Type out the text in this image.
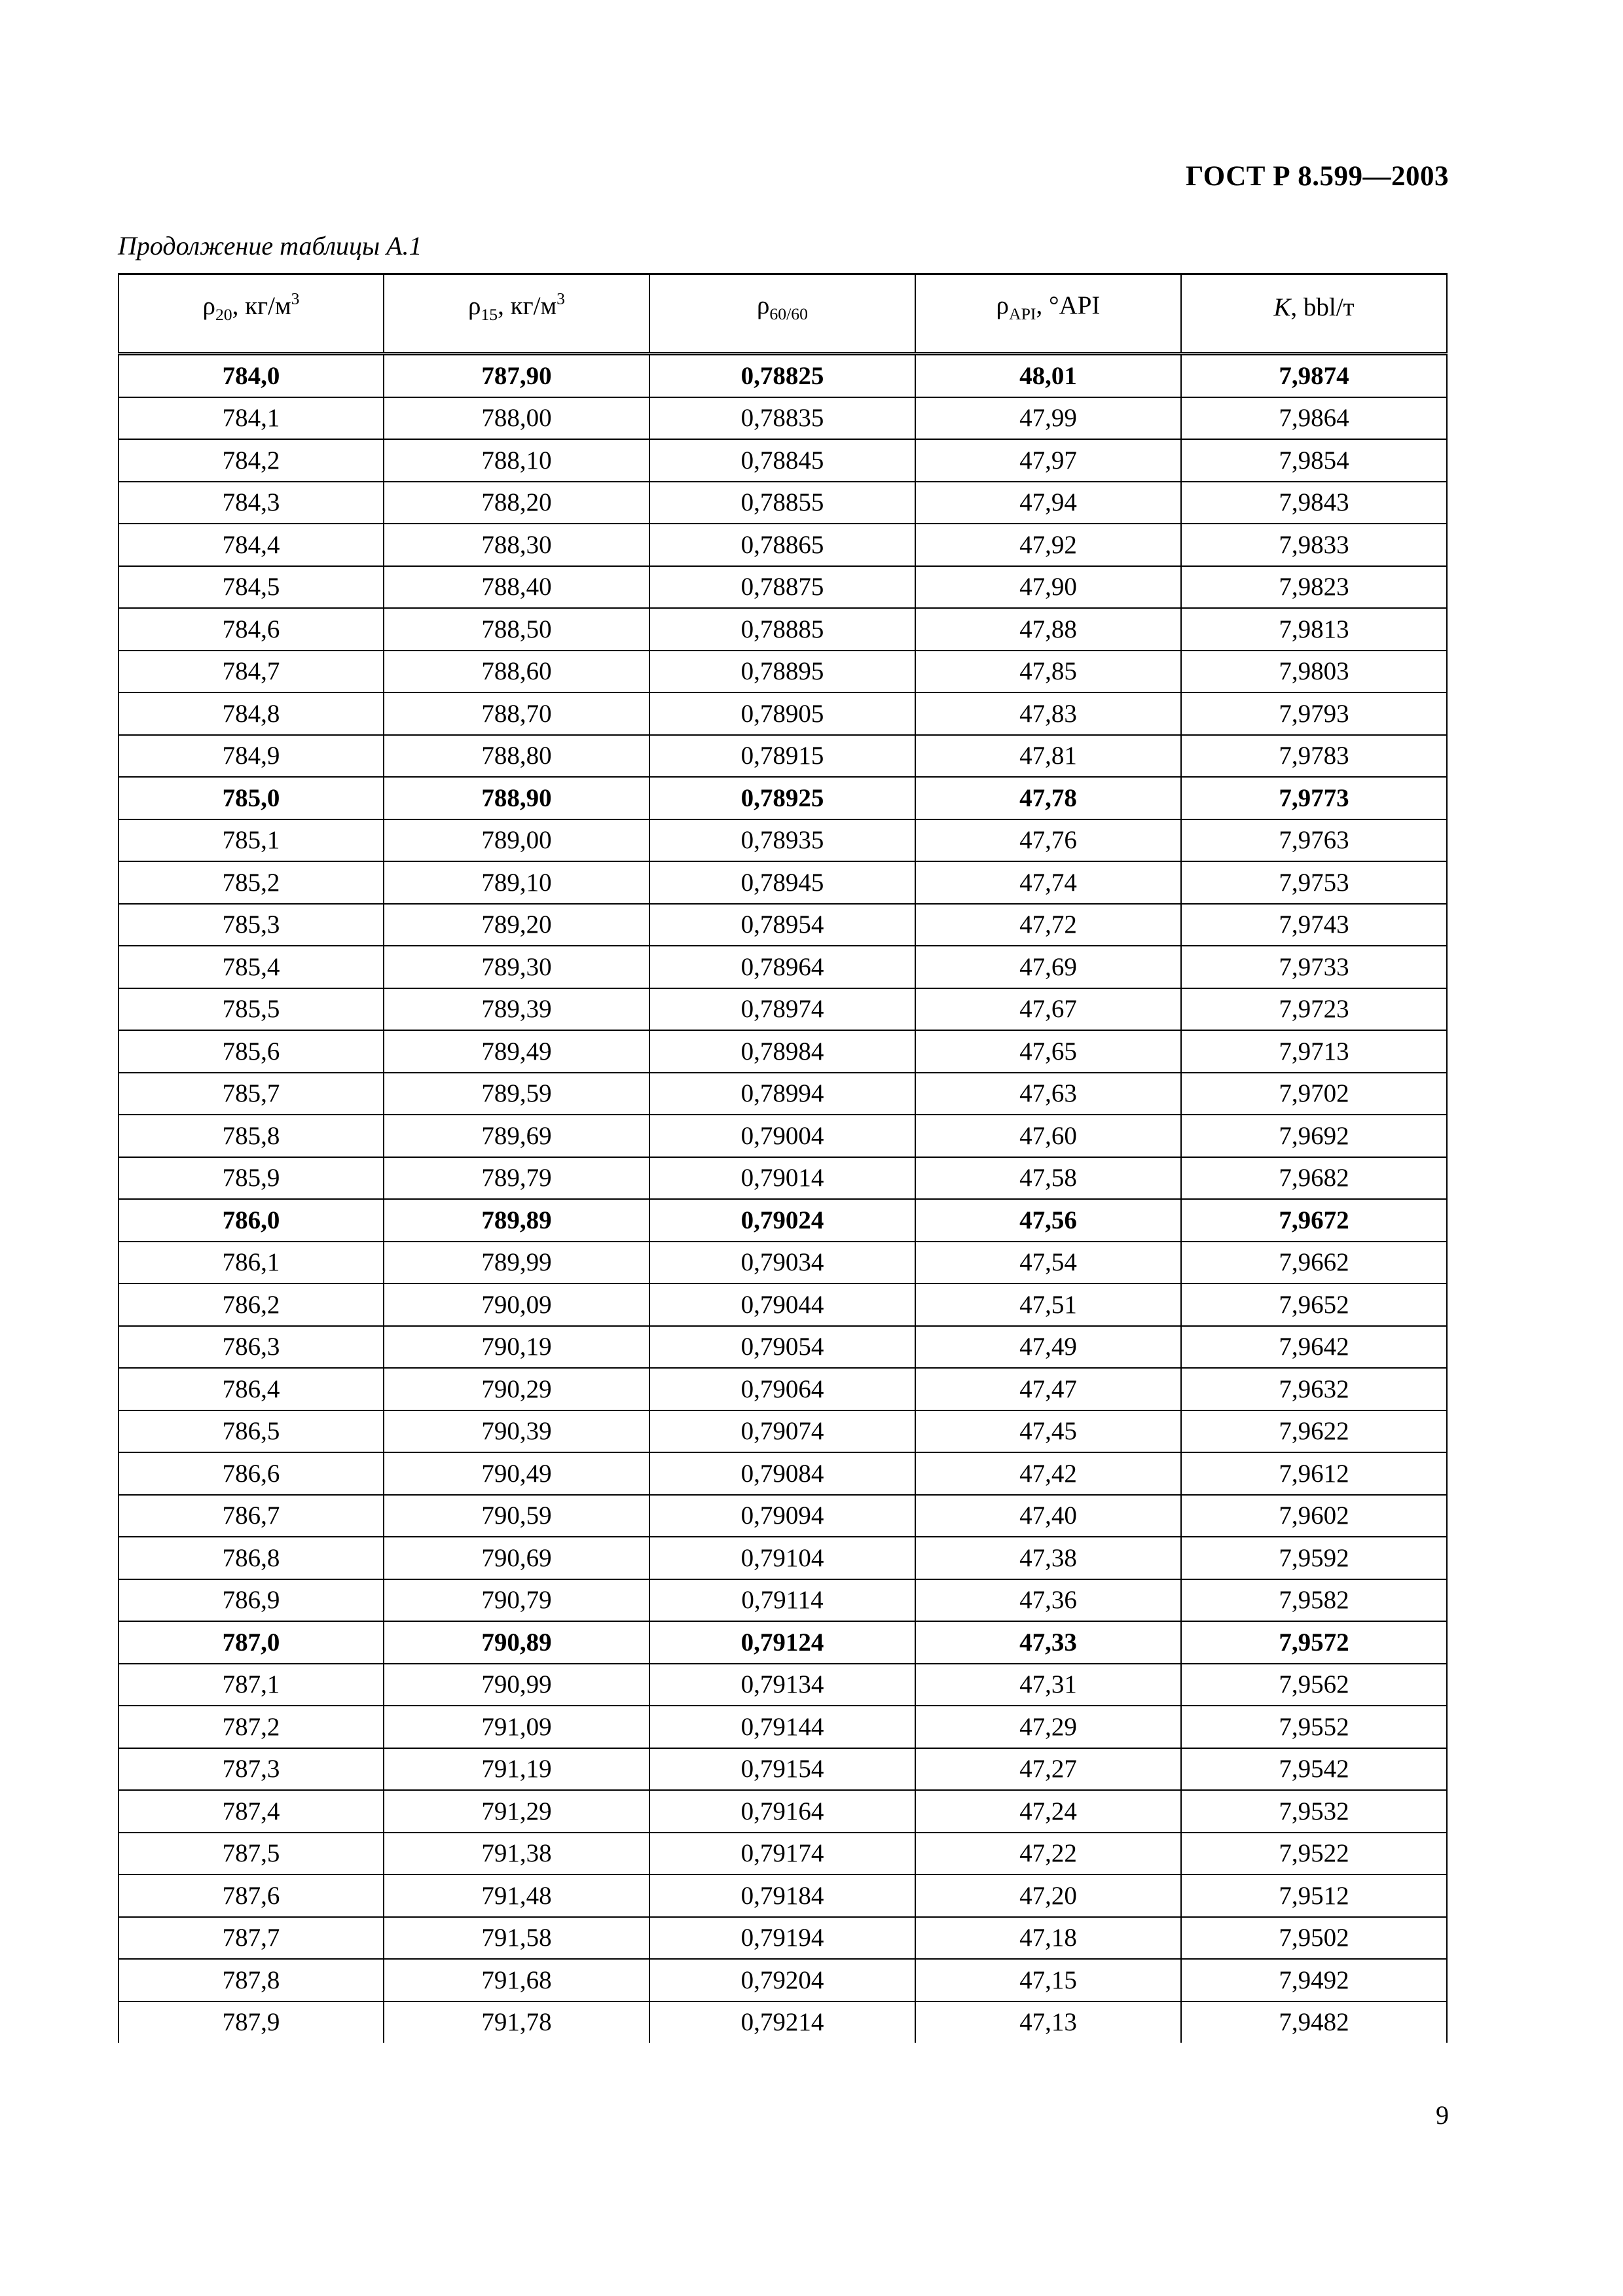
ГОСТ Р 8.599—2003
Продолжение таблицы А.1
$\rho_{20}$, $кг/м^3$	$\rho_{15}$, $кг/м^3$	$\rho_{60/60}$	$\rho_{API}$, °API	K, bbl/т
784,0	787,90	0,78825	48,01	7,9874
784,1	788,00	0,78835	47,99	7,9864
784,2	788,10	0,78845	47,97	7,9854
784,3	788,20	0,78855	47,94	7,9843
784,4	788,30	0,78865	47,92	7,9833
784,5	788,40	0,78875	47,90	7,9823
784,6	788,50	0,78885	47,88	7,9813
784,7	788,60	0,78895	47,85	7,9803
784,8	788,70	0,78905	47,83	7,9793
784,9	788,80	0,78915	47,81	7,9783
785,0	788,90	0,78925	47,78	7,9773
785,1	789,00	0,78935	47,76	7,9763
785,2	789,10	0,78945	47,74	7,9753
785,3	789,20	0,78954	47,72	7,9743
785,4	789,30	0,78964	47,69	7,9733
785,5	789,39	0,78974	47,67	7,9723
785,6	789,49	0,78984	47,65	7,9713
785,7	789,59	0,78994	47,63	7,9702
785,8	789,69	0,79004	47,60	7,9692
785,9	789,79	0,79014	47,58	7,9682
786,0	789,89	0,79024	47,56	7,9672
786,1	789,99	0,79034	47,54	7,9662
786,2	790,09	0,79044	47,51	7,9652
786,3	790,19	0,79054	47,49	7,9642
786,4	790,29	0,79064	47,47	7,9632
786,5	790,39	0,79074	47,45	7,9622
786,6	790,49	0,79084	47,42	7,9612
786,7	790,59	0,79094	47,40	7,9602
786,8	790,69	0,79104	47,38	7,9592
786,9	790,79	0,79114	47,36	7,9582
787,0	790,89	0,79124	47,33	7,9572
787,1	790,99	0,79134	47,31	7,9562
787,2	791,09	0,79144	47,29	7,9552
787,3	791,19	0,79154	47,27	7,9542
787,4	791,29	0,79164	47,24	7,9532
787,5	791,38	0,79174	47,22	7,9522
787,6	791,48	0,79184	47,20	7,9512
787,7	791,58	0,79194	47,18	7,9502
787,8	791,68	0,79204	47,15	7,9492
787,9	791,78	0,79214	47,13	7,9482
9
